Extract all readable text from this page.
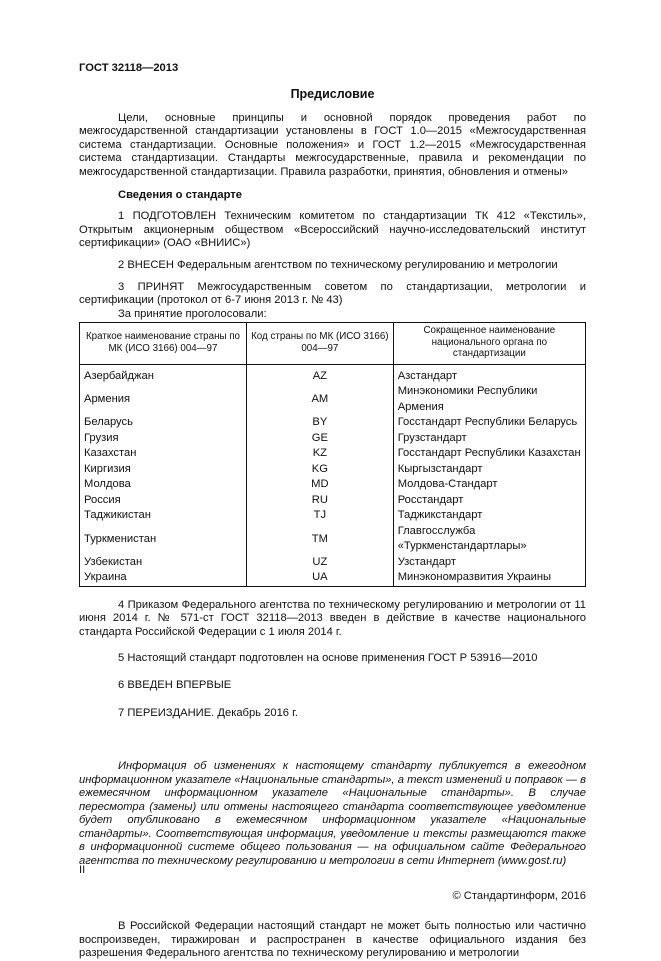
ГОСТ 32118—2013
Предисловие

Цели, основные принципы и основной порядок проведения работ по межгосударственной стандартизации установлены в ГОСТ 1.0—2015 «Межгосударственная система стандартизации. Основные положения» и ГОСТ 1.2—2015 «Межгосударственная система стандартизации. Стандарты межгосударственные, правила и рекомендации по межгосударственной стандартизации. Правила разработки, принятия, обновления и отмены»

Сведения о стандарте

1 ПОДГОТОВЛЕН Техническим комитетом по стандартизации ТК 412 «Текстиль», Открытым акционерным обществом «Всероссийский научно-исследовательский институт сертификации» (ОАО «ВНИИС»)

2 ВНЕСЕН Федеральным агентством по техническому регулированию и метрологии

3 ПРИНЯТ Межгосударственным советом по стандартизации, метрологии и сертификации (протокол от 6-7 июня 2013 г. № 43)

За принятие проголосовали:

Краткое наименование страны по МК (ИСО 3166) 004—97	Код страны по МК (ИСО 3166) 004—97	Сокращенное наименование национального органа по стандартизации
Азербайджан	AZ	Азстандарт
Армения	AM	Минэкономики Республики Армения
Беларусь	BY	Госстандарт Республики Беларусь
Грузия	GE	Грузстандарт
Казахстан	KZ	Госстандарт Республики Казахстан
Киргизия	KG	Кыргызстандарт
Молдова	MD	Молдова-Стандарт
Россия	RU	Росстандарт
Таджикистан	TJ	Таджикстандарт
Туркменистан	TM	Главгосслужба «Туркменстандартлары»
Узбекистан	UZ	Узстандарт
Украина	UA	Минэкономразвития Украины

4 Приказом Федерального агентства по техническому регулированию и метрологии от 11 июня 2014 г. № 571-ст ГОСТ 32118—2013 введен в действие в качестве национального стандарта Российской Федерации с 1 июля 2014 г.

5 Настоящий стандарт подготовлен на основе применения ГОСТ Р 53916—2010

6 ВВЕДЕН ВПЕРВЫЕ

7 ПЕРЕИЗДАНИЕ. Декабрь 2016 г.

Информация об изменениях к настоящему стандарту публикуется в ежегодном информационном указателе «Национальные стандарты», а текст изменений и поправок — в ежемесячном информационном указателе «Национальные стандарты». В случае пересмотра (замены) или отмены настоящего стандарта соответствующее уведомление будет опубликовано в ежемесячном информационном указателе «Национальные стандарты». Соответствующая информация, уведомление и тексты размещаются также в информационной системе общего пользования — на официальном сайте Федерального агентства по техническому регулированию и метрологии в сети Интернет (www.gost.ru)

© Стандартинформ, 2016

В Российской Федерации настоящий стандарт не может быть полностью или частично воспроизведен, тиражирован и распространен в качестве официального издания без разрешения Федерального агентства по техническому регулированию и метрологии

II
